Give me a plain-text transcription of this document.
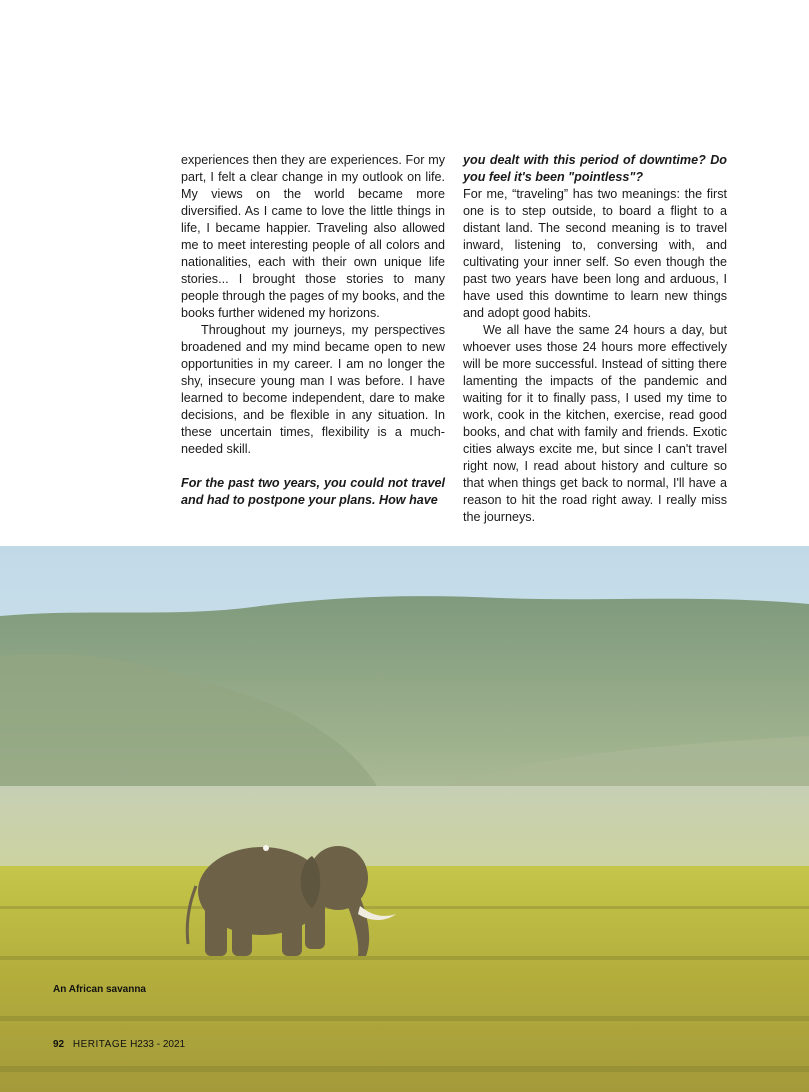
experiences then they are experiences. For my part, I felt a clear change in my outlook on life. My views on the world became more diversified. As I came to love the little things in life, I became happier. Traveling also allowed me to meet interesting people of all colors and nationalities, each with their own unique life stories... I brought those stories to many people through the pages of my books, and the books further widened my horizons.

Throughout my journeys, my perspectives broadened and my mind became open to new opportunities in my career. I am no longer the shy, insecure young man I was before. I have learned to become independent, dare to make decisions, and be flexible in any situation. In these uncertain times, flexibility is a much-needed skill.

For the past two years, you could not travel and had to postpone your plans. How have

you dealt with this period of downtime? Do you feel it's been "pointless"?

For me, “traveling” has two meanings: the first one is to step outside, to board a flight to a distant land. The second meaning is to travel inward, listening to, conversing with, and cultivating your inner self. So even though the past two years have been long and arduous, I have used this downtime to learn new things and adopt good habits.

We all have the same 24 hours a day, but whoever uses those 24 hours more effectively will be more successful. Instead of sitting there lamenting the impacts of the pandemic and waiting for it to finally pass, I used my time to work, cook in the kitchen, exercise, read good books, and chat with family and friends. Exotic cities always excite me, but since I can't travel right now, I read about history and culture so that when things get back to normal, I'll have a reason to hit the road right away. I really miss the journeys.

An African savanna
92 HERITAGE H233 - 2021
